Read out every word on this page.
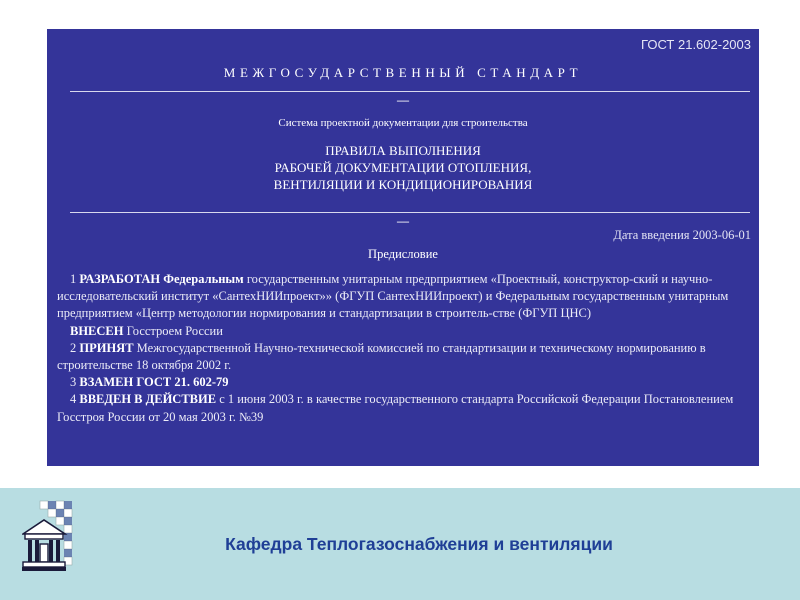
ГОСТ 21.602-2003
МЕЖГОСУДАРСТВЕННЫЙ СТАНДАРТ
—
Система проектной документации для строительства
ПРАВИЛА ВЫПОЛНЕНИЯ
РАБОЧЕЙ ДОКУМЕНТАЦИИ ОТОПЛЕНИЯ,
ВЕНТИЛЯЦИИ И КОНДИЦИОНИРОВАНИЯ
—
Дата введения 2003-06-01
Предисловие

1 РАЗРАБОТАН Федеральным государственным унитарным предрприятием «Проектный, конструктор-ский и научно-исследовательский институт «СантехНИИпроект»» (ФГУП СантехНИИпроект) и Федеральным государственным унитарным предприятием «Центр методологии нормирования и стандартизации в строитель-стве (ФГУП ЦНС)

ВНЕСЕН Госстроем России

2 ПРИНЯТ Межгосударственной Научно-технической комиссией по стандартизации и техническому нормированию в строительстве 18 октября 2002 г.

3 ВЗАМЕН ГОСТ 21. 602-79

4 ВВЕДЕН В ДЕЙСТВИЕ с 1 июня 2003 г. в качестве государственного стандарта Российской Федерации Постановлением Госстроя России от 20 мая 2003 г. №39

Кафедра Теплогазоснабжения и вентиляции
